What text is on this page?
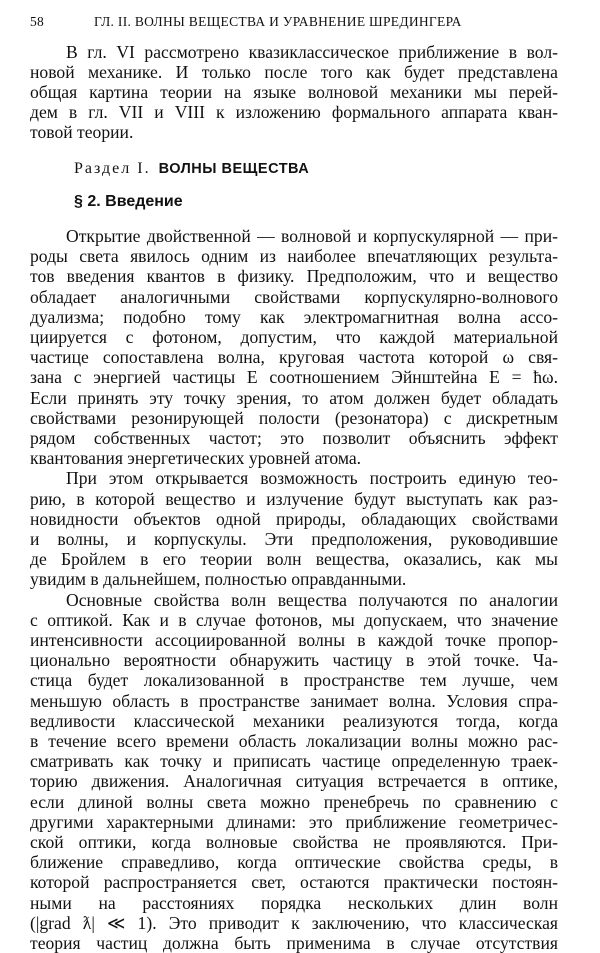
58	ГЛ. II. ВОЛНЫ ВЕЩЕСТВА И УРАВНЕНИЕ ШРЕДИНГЕРА
В гл. VI рассмотрено квазиклассическое приближение в вол-
новой механике. И только после того как будет представлена
общая картина теории на языке волновой механики мы перей-
дем в гл. VII и VIII к изложению формального аппарата кван-
товой теории.
Раздел I. ВОЛНЫ ВЕЩЕСТВА
§ 2. Введение
Открытие двойственной — волновой и корпускулярной — при-
роды света явилось одним из наиболее впечатляющих результа-
тов введения квантов в физику. Предположим, что и вещество
обладает аналогичными свойствами корпускулярно-волнового
дуализма; подобно тому как электромагнитная волна ассо-
циируется с фотоном, допустим, что каждой материальной
частице сопоставлена волна, круговая частота которой ω свя-
зана с энергией частицы E соотношением Эйнштейна E = ħω.
Если принять эту точку зрения, то атом должен будет обладать
свойствами резонирующей полости (резонатора) с дискретным
рядом собственных частот; это позволит объяснить эффект
квантования энергетических уровней атома.
При этом открывается возможность построить единую тео-
рию, в которой вещество и излучение будут выступать как раз-
новидности объектов одной природы, обладающих свойствами
и волны, и корпускулы. Эти предположения, руководившие
де Бройлем в его теории волн вещества, оказались, как мы
увидим в дальнейшем, полностью оправданными.
Основные свойства волн вещества получаются по аналогии
с оптикой. Как и в случае фотонов, мы допускаем, что значение
интенсивности ассоциированной волны в каждой точке пропор-
ционально вероятности обнаружить частицу в этой точке. Ча-
стица будет локализованной в пространстве тем лучше, чем
меньшую область в пространстве занимает волна. Условия спра-
ведливости классической механики реализуются тогда, когда
в течение всего времени область локализации волны можно рас-
сматривать как точку и приписать частице определенную траек-
торию движения. Аналогичная ситуация встречается в оптике,
если длиной волны света можно пренебречь по сравнению с
другими характерными длинами: это приближение геометричес-
ской оптики, когда волновые свойства не проявляются. При-
ближение справедливо, когда оптические свойства среды, в
которой распространяется свет, остаются практически постоян-
ными на расстояниях порядка нескольких длин волн
(|grad ƛ| ≪ 1). Это приводит к заключению, что классическая
теория частиц должна быть применима в случае отсутствия
